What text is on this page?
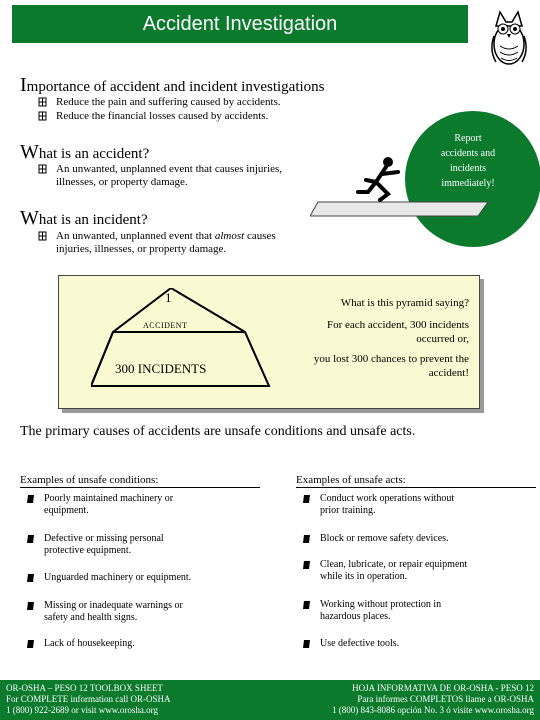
Accident Investigation
Importance of accident and incident investigations
Reduce the pain and suffering caused by accidents.
Reduce the financial losses caused by accidents.
Report
accidents and
incidents
immediately!
What is an accident?
An unwanted, unplanned event that causes injuries,
illnesses, or property damage.
What is an incident?
An unwanted, unplanned event that almost causes
injuries, illnesses, or property damage.
1
ACCIDENT
300 INCIDENTS
What is this pyramid saying?
For each accident, 300 incidents
occurred or,
you lost 300 chances to prevent the
accident!
The primary causes of accidents are unsafe conditions and unsafe acts.
Examples of unsafe conditions:	Examples of unsafe acts:
Poorly maintained machinery or
equipment.
Defective or missing personal
protective equipment.
Unguarded machinery or equipment.
Missing or inadequate warnings or
safety and health signs.
Lack of housekeeping.
Conduct work operations without
prior training.
Block or remove safety devices.
Clean, lubricate, or repair equipment
while its in operation.
Working without protection in
hazardous places.
Use defective tools.
OR-OSHA – PESO 12 TOOLBOX SHEET
For COMPLETE information call OR-OSHA
1 (800) 922-2689 or visit www.orosha.org
HOJA INFORMATIVA DE OR-OSHA - PESO 12
Para informes COMPLETOS llame a OR-OSHA
1 (800) 843-8086 opción No. 3 ó visite www.orosha.org
